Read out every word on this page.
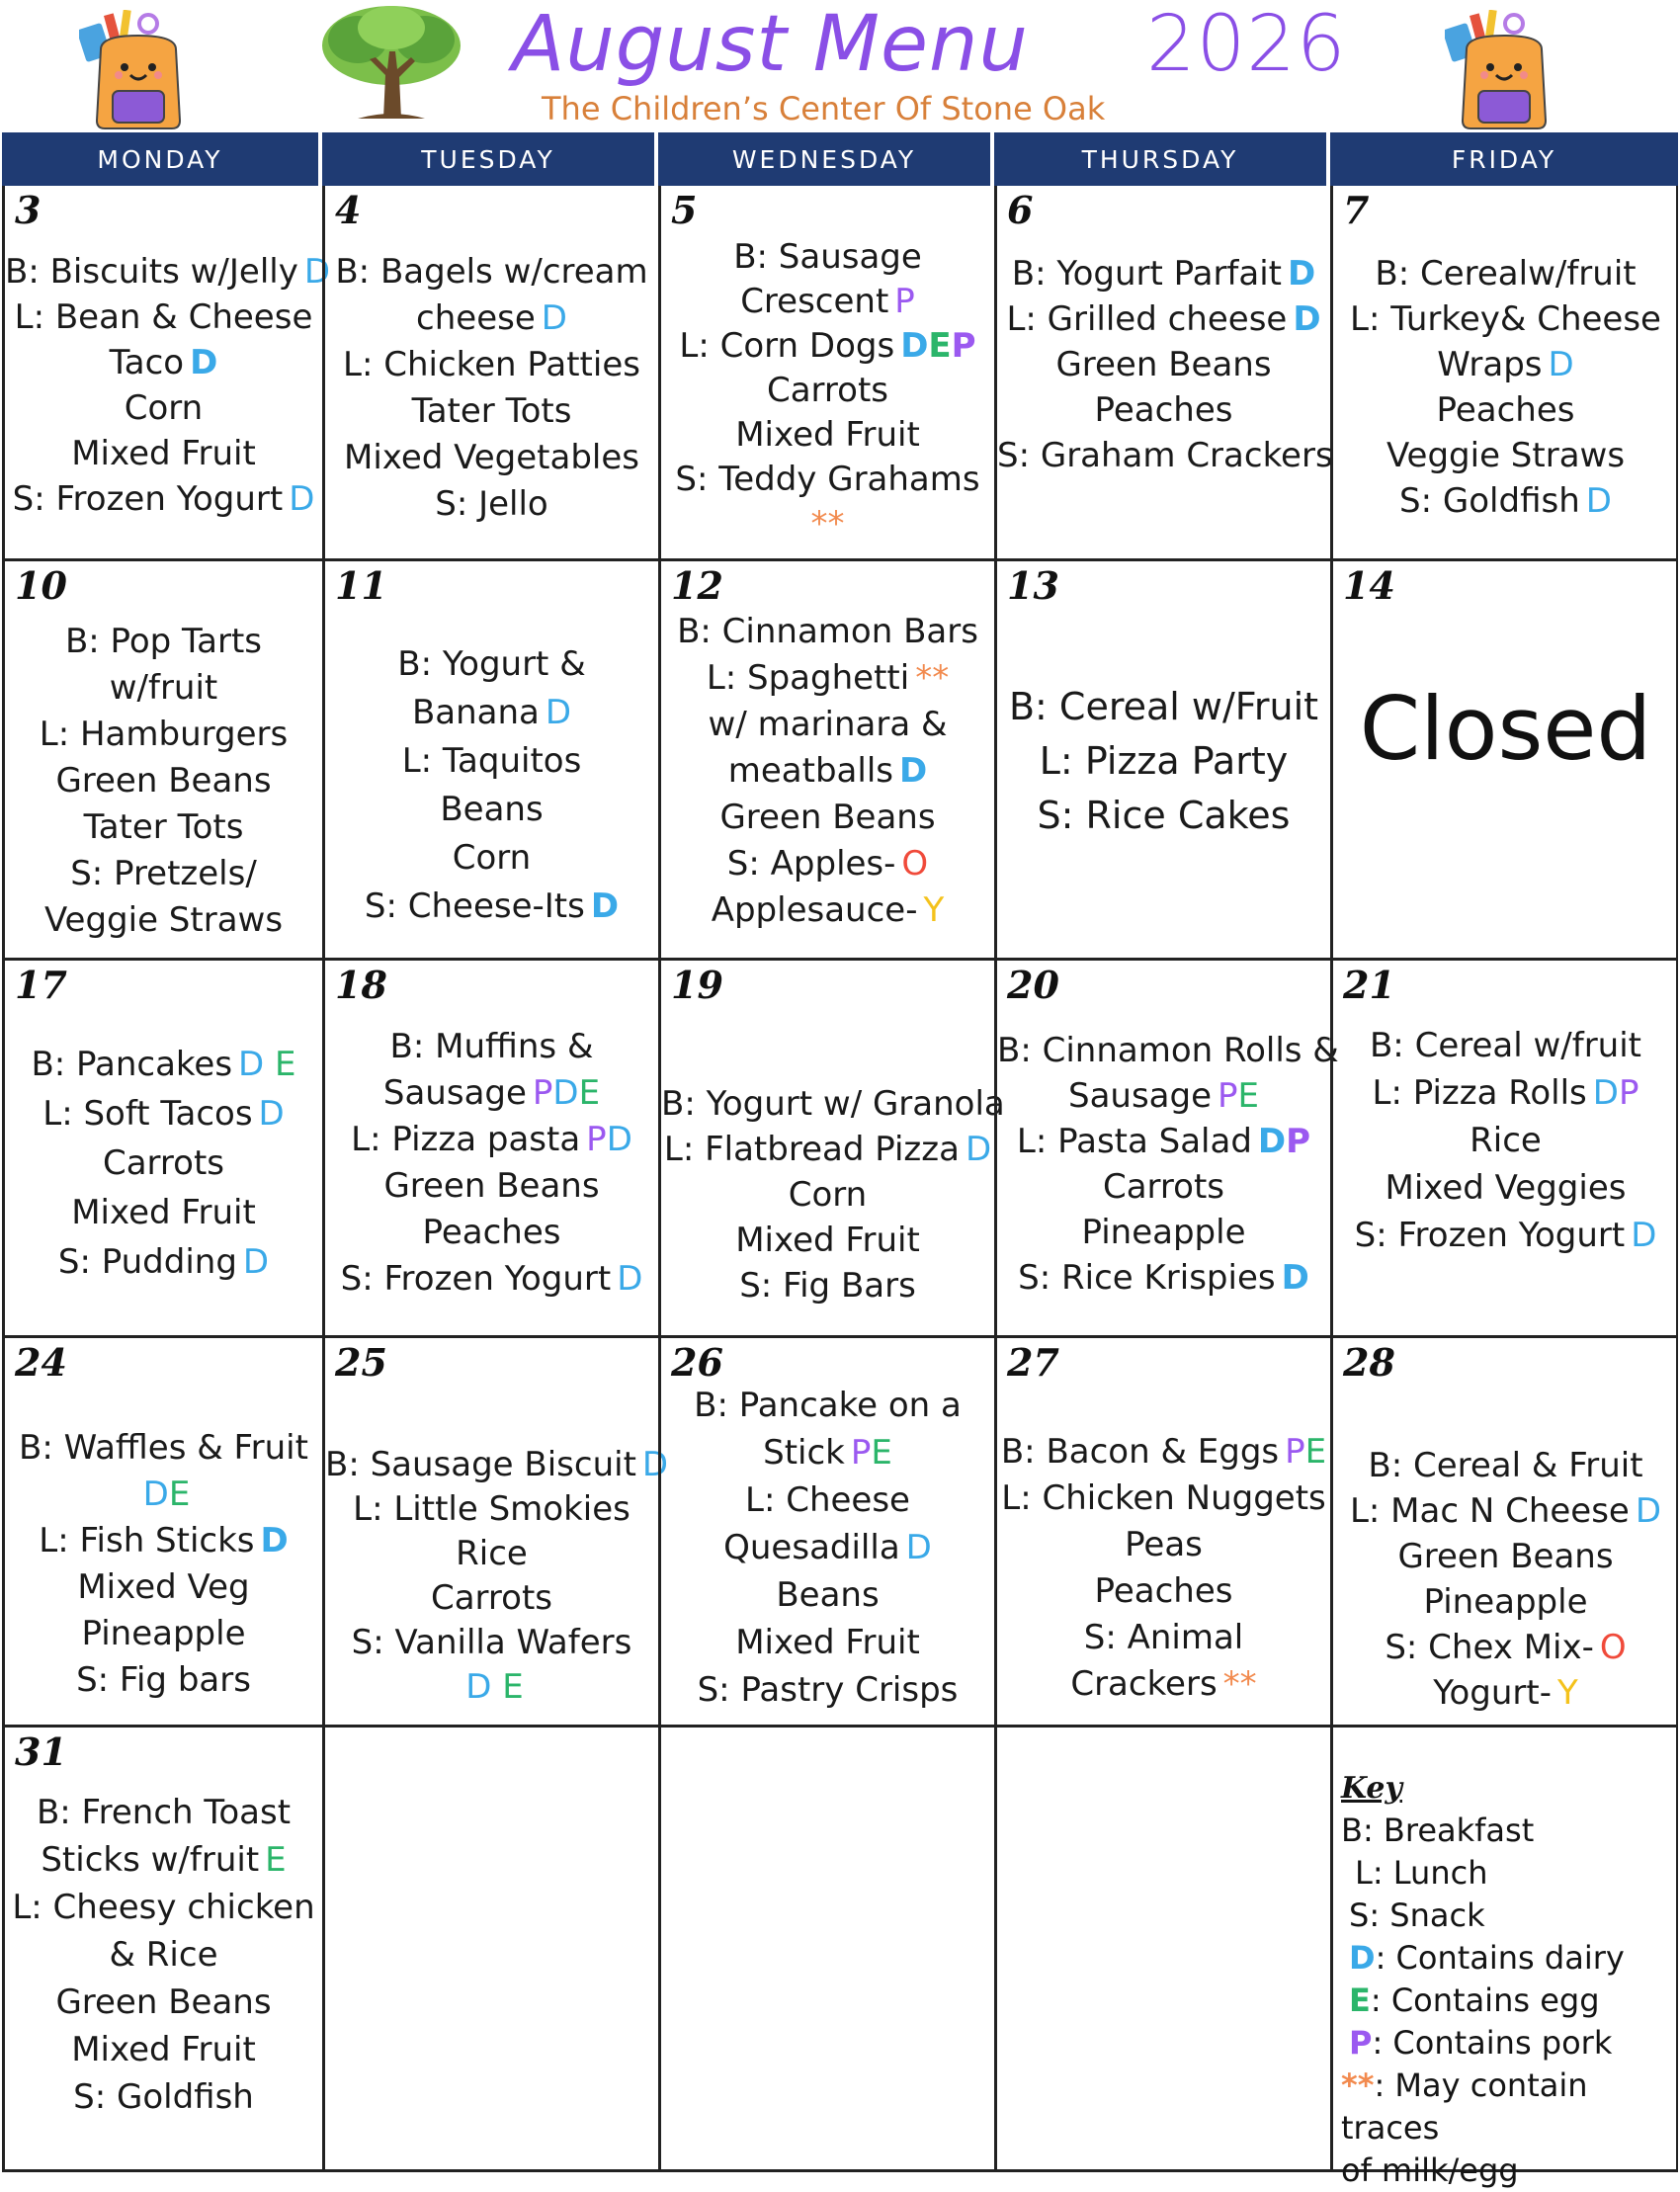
August Menu 2026
The Children’s Center Of Stone Oak
MONDAY	TUESDAY	WEDNESDAY	THURSDAY	FRIDAY
3
B: Biscuits w/Jelly D
L: Bean & Cheese
Taco D
Corn
Mixed Fruit
S: Frozen Yogurt D
4
B: Bagels w/cream
cheese D
L: Chicken Patties
Tater Tots
Mixed Vegetables
S: Jello
5
B: Sausage
Crescent P
L: Corn Dogs DEP
Carrots
Mixed Fruit
S: Teddy Grahams
**
6
B: Yogurt Parfait D
L: Grilled cheese D
Green Beans
Peaches
S: Graham Crackers
7
B: Cerealw/fruit
L: Turkey& Cheese
Wraps D
Peaches
Veggie Straws
S: Goldfish D
10
B: Pop Tarts
w/fruit
L: Hamburgers
Green Beans
Tater Tots
S: Pretzels/
Veggie Straws
11
B: Yogurt &
Banana D
L: Taquitos
Beans
Corn
S: Cheese-Its D
12
B: Cinnamon Bars
L: Spaghetti **
w/ marinara &
meatballs D
Green Beans
S: Apples- O
Applesauce- Y
13
B: Cereal w/Fruit
L: Pizza Party
S: Rice Cakes
14
Closed
17
B: Pancakes D E
L: Soft Tacos D
Carrots
Mixed Fruit
S: Pudding D
18
B: Muffins &
Sausage PDE
L: Pizza pasta PD
Green Beans
Peaches
S: Frozen Yogurt D
19
B: Yogurt w/ Granola
L: Flatbread Pizza D
Corn
Mixed Fruit
S: Fig Bars
20
B: Cinnamon Rolls &
Sausage PE
L: Pasta Salad DP
Carrots
Pineapple
S: Rice Krispies D
21
B: Cereal w/fruit
L: Pizza Rolls DP
Rice
Mixed Veggies
S: Frozen Yogurt D
24
B: Waffles & Fruit
DE
L: Fish Sticks D
Mixed Veg
Pineapple
S: Fig bars
25
B: Sausage Biscuit D
L: Little Smokies
Rice
Carrots
S: Vanilla Wafers
D E
26
B: Pancake on a
Stick PE
L: Cheese
Quesadilla D
Beans
Mixed Fruit
S: Pastry Crisps
27
B: Bacon & Eggs PE
L: Chicken Nuggets
Peas
Peaches
S: Animal
Crackers **
28
B: Cereal & Fruit
L: Mac N Cheese D
Green Beans
Pineapple
S: Chex Mix- O
Yogurt- Y
31
B: French Toast
Sticks w/fruit E
L: Cheesy chicken
& Rice
Green Beans
Mixed Fruit
S: Goldfish
Key
B: Breakfast
L: Lunch
S: Snack
D: Contains dairy
E: Contains egg
P: Contains pork
**: May contain traces
of milk/egg
